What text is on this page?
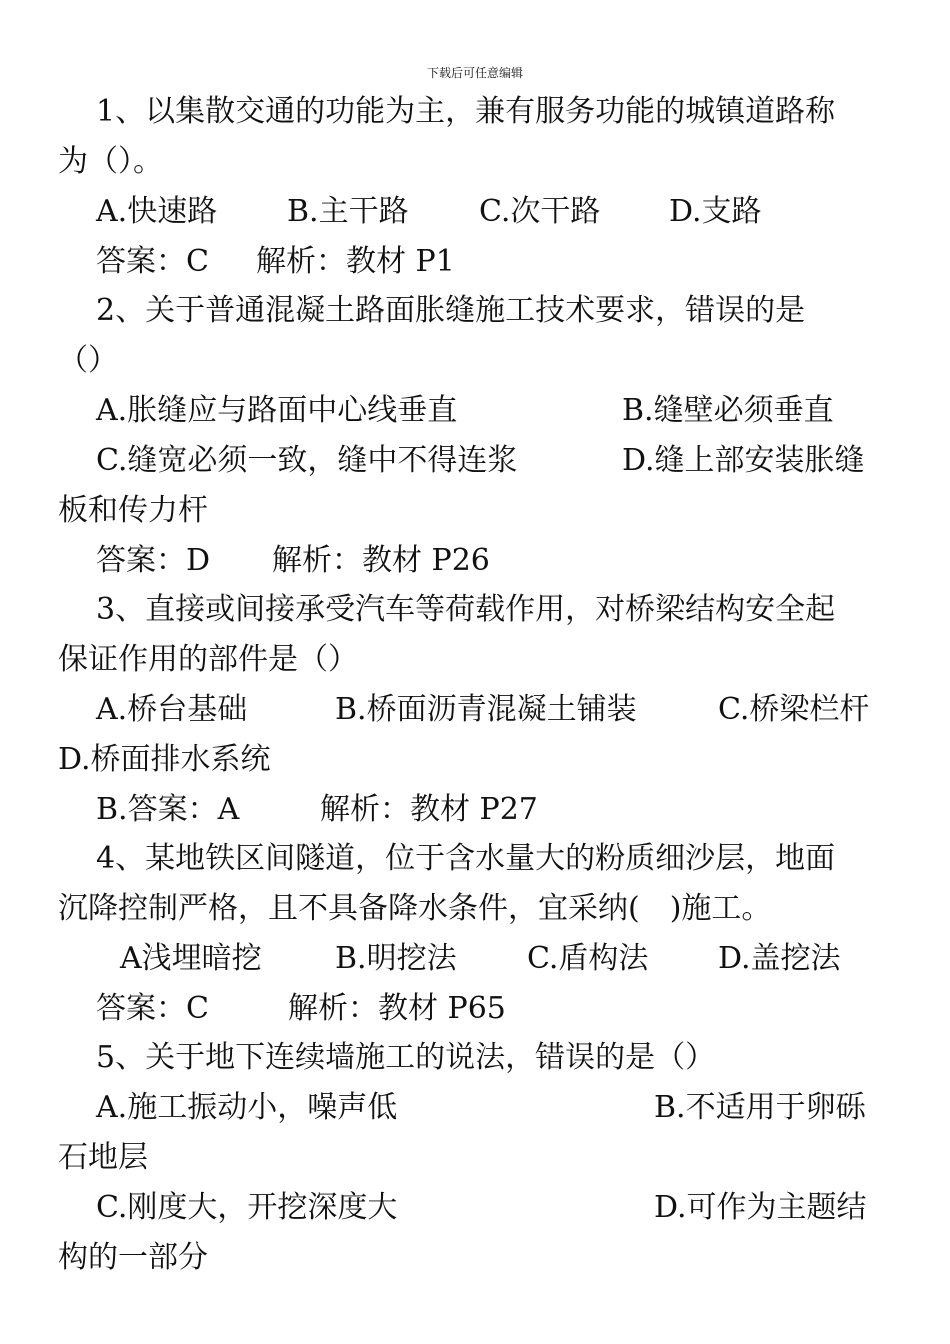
下载后可任意编辑
1、以集散交通的功能为主，兼有服务功能的城镇道路称
为（）。
A.快速路 B.主干路 C.次干路 D.支路
答案：C 解析：教材 P1
2、关于普通混凝土路面胀缝施工技术要求，错误的是
（）
A.胀缝应与路面中心线垂直	B.缝壁必须垂直
C.缝宽必须一致，缝中不得连浆	D.缝上部安装胀缝
板和传力杆
答案：D 解析：教材 P26
3、直接或间接承受汽车等荷载作用，对桥梁结构安全起
保证作用的部件是（）
A.桥台基础	B.桥面沥青混凝土铺装	C.桥梁栏杆
D.桥面排水系统
B.答案：A	解析：教材 P27
4、某地铁区间隧道，位于含水量大的粉质细沙层，地面
沉降控制严格，且不具备降水条件，宜采纳(　)施工。
A浅埋暗挖 B.明挖法 C.盾构法 D.盖挖法
答案：C	解析：教材 P65
5、关于地下连续墙施工的说法，错误的是（）
A.施工振动小，噪声低	B.不适用于卵砾
石地层
C.刚度大，开挖深度大	D.可作为主题结
构的一部分
